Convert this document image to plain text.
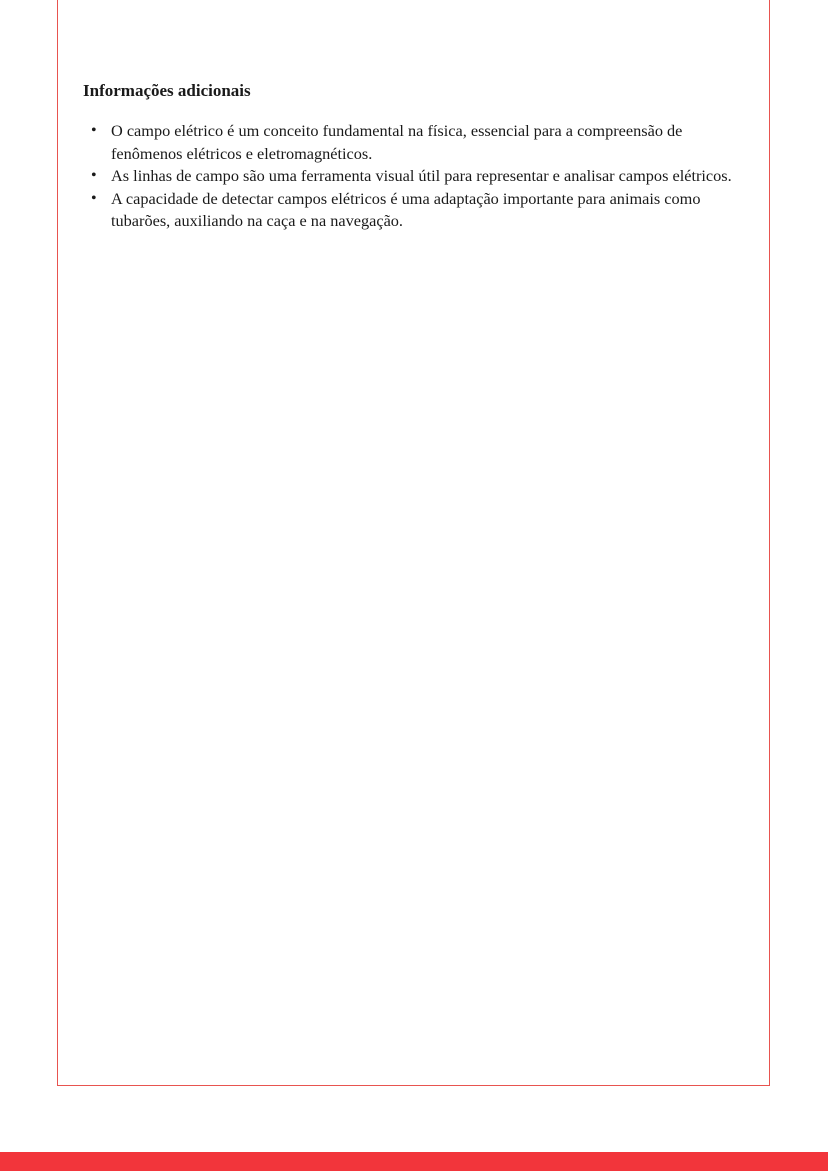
Informações adicionais
• O campo elétrico é um conceito fundamental na física, essencial para a compreensão de fenômenos elétricos e eletromagnéticos.
• As linhas de campo são uma ferramenta visual útil para representar e analisar campos elétricos.
• A capacidade de detectar campos elétricos é uma adaptação importante para animais como tubarões, auxiliando na caça e na navegação.
